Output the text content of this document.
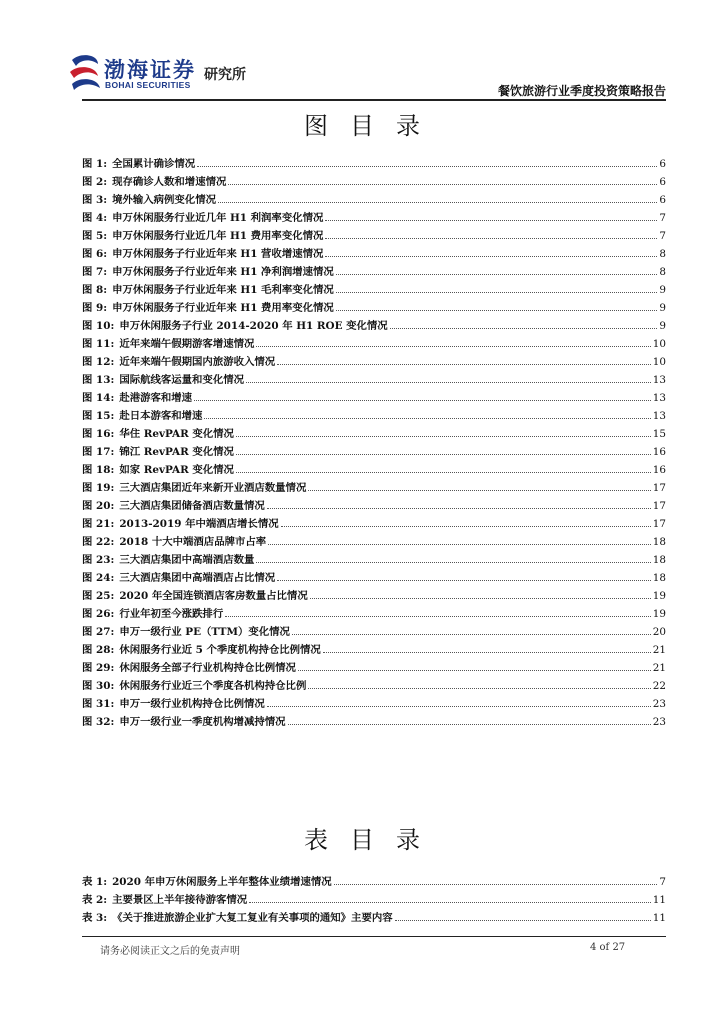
渤海证券
BOHAI SECURITIES
研究所
餐饮旅游行业季度投资策略报告
图目录
图 1: 全国累计确诊情况	6
图 2: 现存确诊人数和增速情况	6
图 3: 境外输入病例变化情况	6
图 4: 申万休闲服务行业近几年 H1 利润率变化情况	7
图 5: 申万休闲服务行业近几年 H1 费用率变化情况	7
图 6: 申万休闲服务子行业近年来 H1 营收增速情况	8
图 7: 申万休闲服务子行业近年来 H1 净利润增速情况	8
图 8: 申万休闲服务子行业近年来 H1 毛利率变化情况	9
图 9: 申万休闲服务子行业近年来 H1 费用率变化情况	9
图 10: 申万休闲服务子行业 2014-2020 年 H1 ROE 变化情况	9
图 11: 近年来端午假期游客增速情况	10
图 12: 近年来端午假期国内旅游收入情况	10
图 13: 国际航线客运量和变化情况	13
图 14: 赴港游客和增速	13
图 15: 赴日本游客和增速	13
图 16: 华住 RevPAR 变化情况	15
图 17: 锦江 RevPAR 变化情况	16
图 18: 如家 RevPAR 变化情况	16
图 19: 三大酒店集团近年来新开业酒店数量情况	17
图 20: 三大酒店集团储备酒店数量情况	17
图 21: 2013-2019 年中端酒店增长情况	17
图 22: 2018 十大中端酒店品牌市占率	18
图 23: 三大酒店集团中高端酒店数量	18
图 24: 三大酒店集团中高端酒店占比情况	18
图 25: 2020 年全国连锁酒店客房数量占比情况	19
图 26: 行业年初至今涨跌排行	19
图 27: 申万一级行业 PE（TTM）变化情况	20
图 28: 休闲服务行业近 5 个季度机构持仓比例情况	21
图 29: 休闲服务全部子行业机构持仓比例情况	21
图 30: 休闲服务行业近三个季度各机构持仓比例	22
图 31: 申万一级行业机构持仓比例情况	23
图 32: 申万一级行业一季度机构增减持情况	23
表目录
表 1: 2020 年申万休闲服务上半年整体业绩增速情况	7
表 2: 主要景区上半年接待游客情况	11
表 3: 《关于推进旅游企业扩大复工复业有关事项的通知》主要内容	11
请务必阅读正文之后的免责声明	4 of 27
